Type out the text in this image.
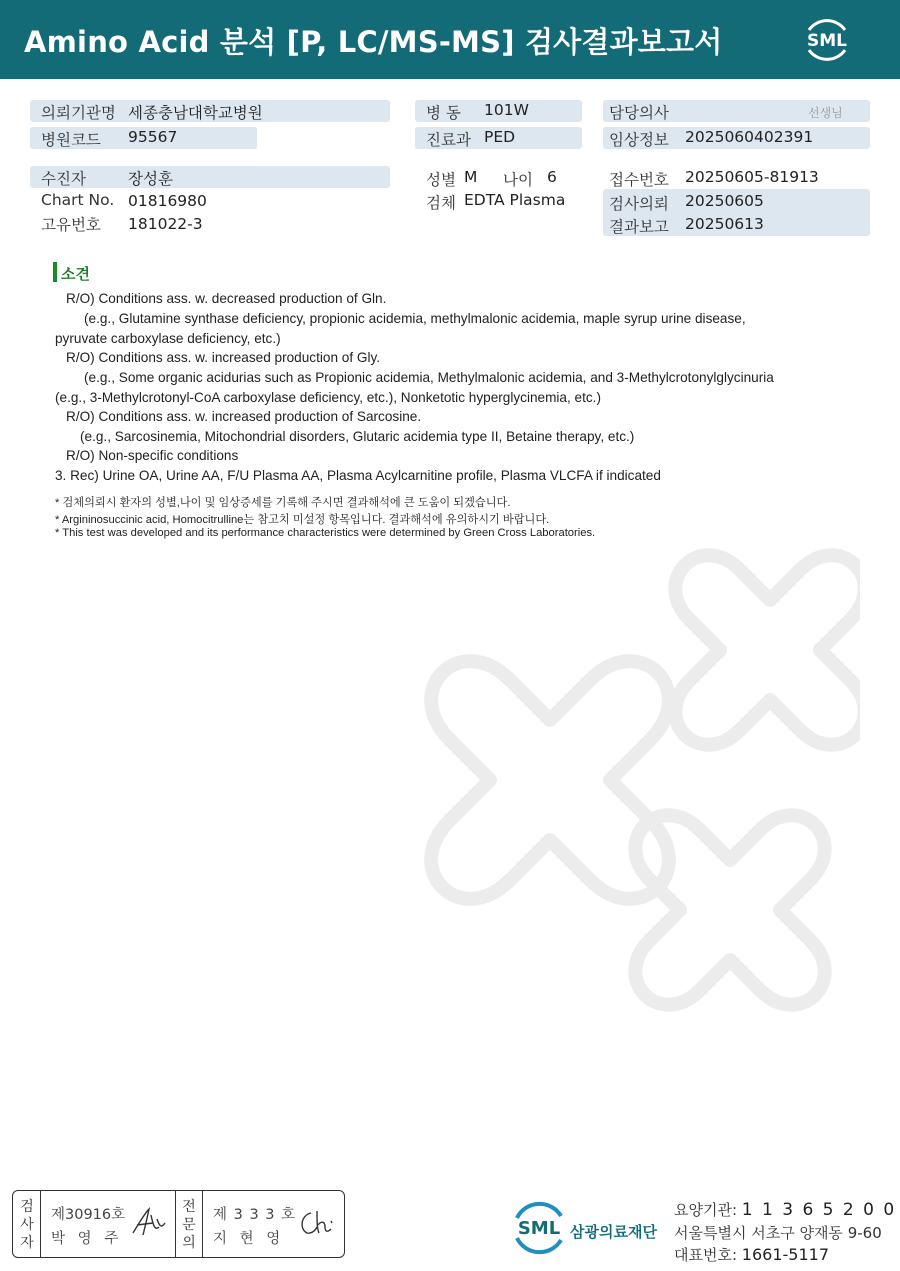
Amino Acid 분석 [P, LC/MS-MS] 검사결과보고서	SML
의뢰기관명 세종충남대학교병원
병원코드 95567
병 동 101W
진료과 PED
담당의사	선생님
임상정보 2025060402391
수진자	장성훈
Chart No. 01816980
고유번호 181022-3
성별 M 나이 6
검체 EDTA Plasma
접수번호 20250605-81913
검사의뢰 20250605
결과보고 20250613
소견
R/O) Conditions ass. w. decreased production of Gln.
(e.g., Glutamine synthase deficiency, propionic acidemia, methylmalonic acidemia, maple syrup urine disease,
pyruvate carboxylase deficiency, etc.)
R/O) Conditions ass. w. increased production of Gly.
(e.g., Some organic acidurias such as Propionic acidemia, Methylmalonic acidemia, and 3-Methylcrotonylglycinuria
(e.g., 3-Methylcrotonyl-CoA carboxylase deficiency, etc.), Nonketotic hyperglycinemia, etc.)
R/O) Conditions ass. w. increased production of Sarcosine.
(e.g., Sarcosinemia, Mitochondrial disorders, Glutaric acidemia type II, Betaine therapy, etc.)
R/O) Non-specific conditions
3. Rec) Urine OA, Urine AA, F/U Plasma AA, Plasma Acylcarnitine profile, Plasma VLCFA if indicated
* 검체의뢰시 환자의 성별,나이 및 임상증세를 기록해 주시면 결과해석에 큰 도움이 되겠습니다.
* Argininosuccinic acid, Homocitrulline는 참고치 미설정 항목입니다. 결과해석에 유의하시기 바랍니다.
* This test was developed and its performance characteristics were determined by Green Cross Laboratories.
검
사
자
제30916호
박 영 주
전
문
의
제 3 3 3 호
지 현 영	SML 삼광의료재단
요양기관: 1 1 3 6 5 2 0 0
서울특별시 서초구 양재동 9-60
대표번호: 1661-5117
